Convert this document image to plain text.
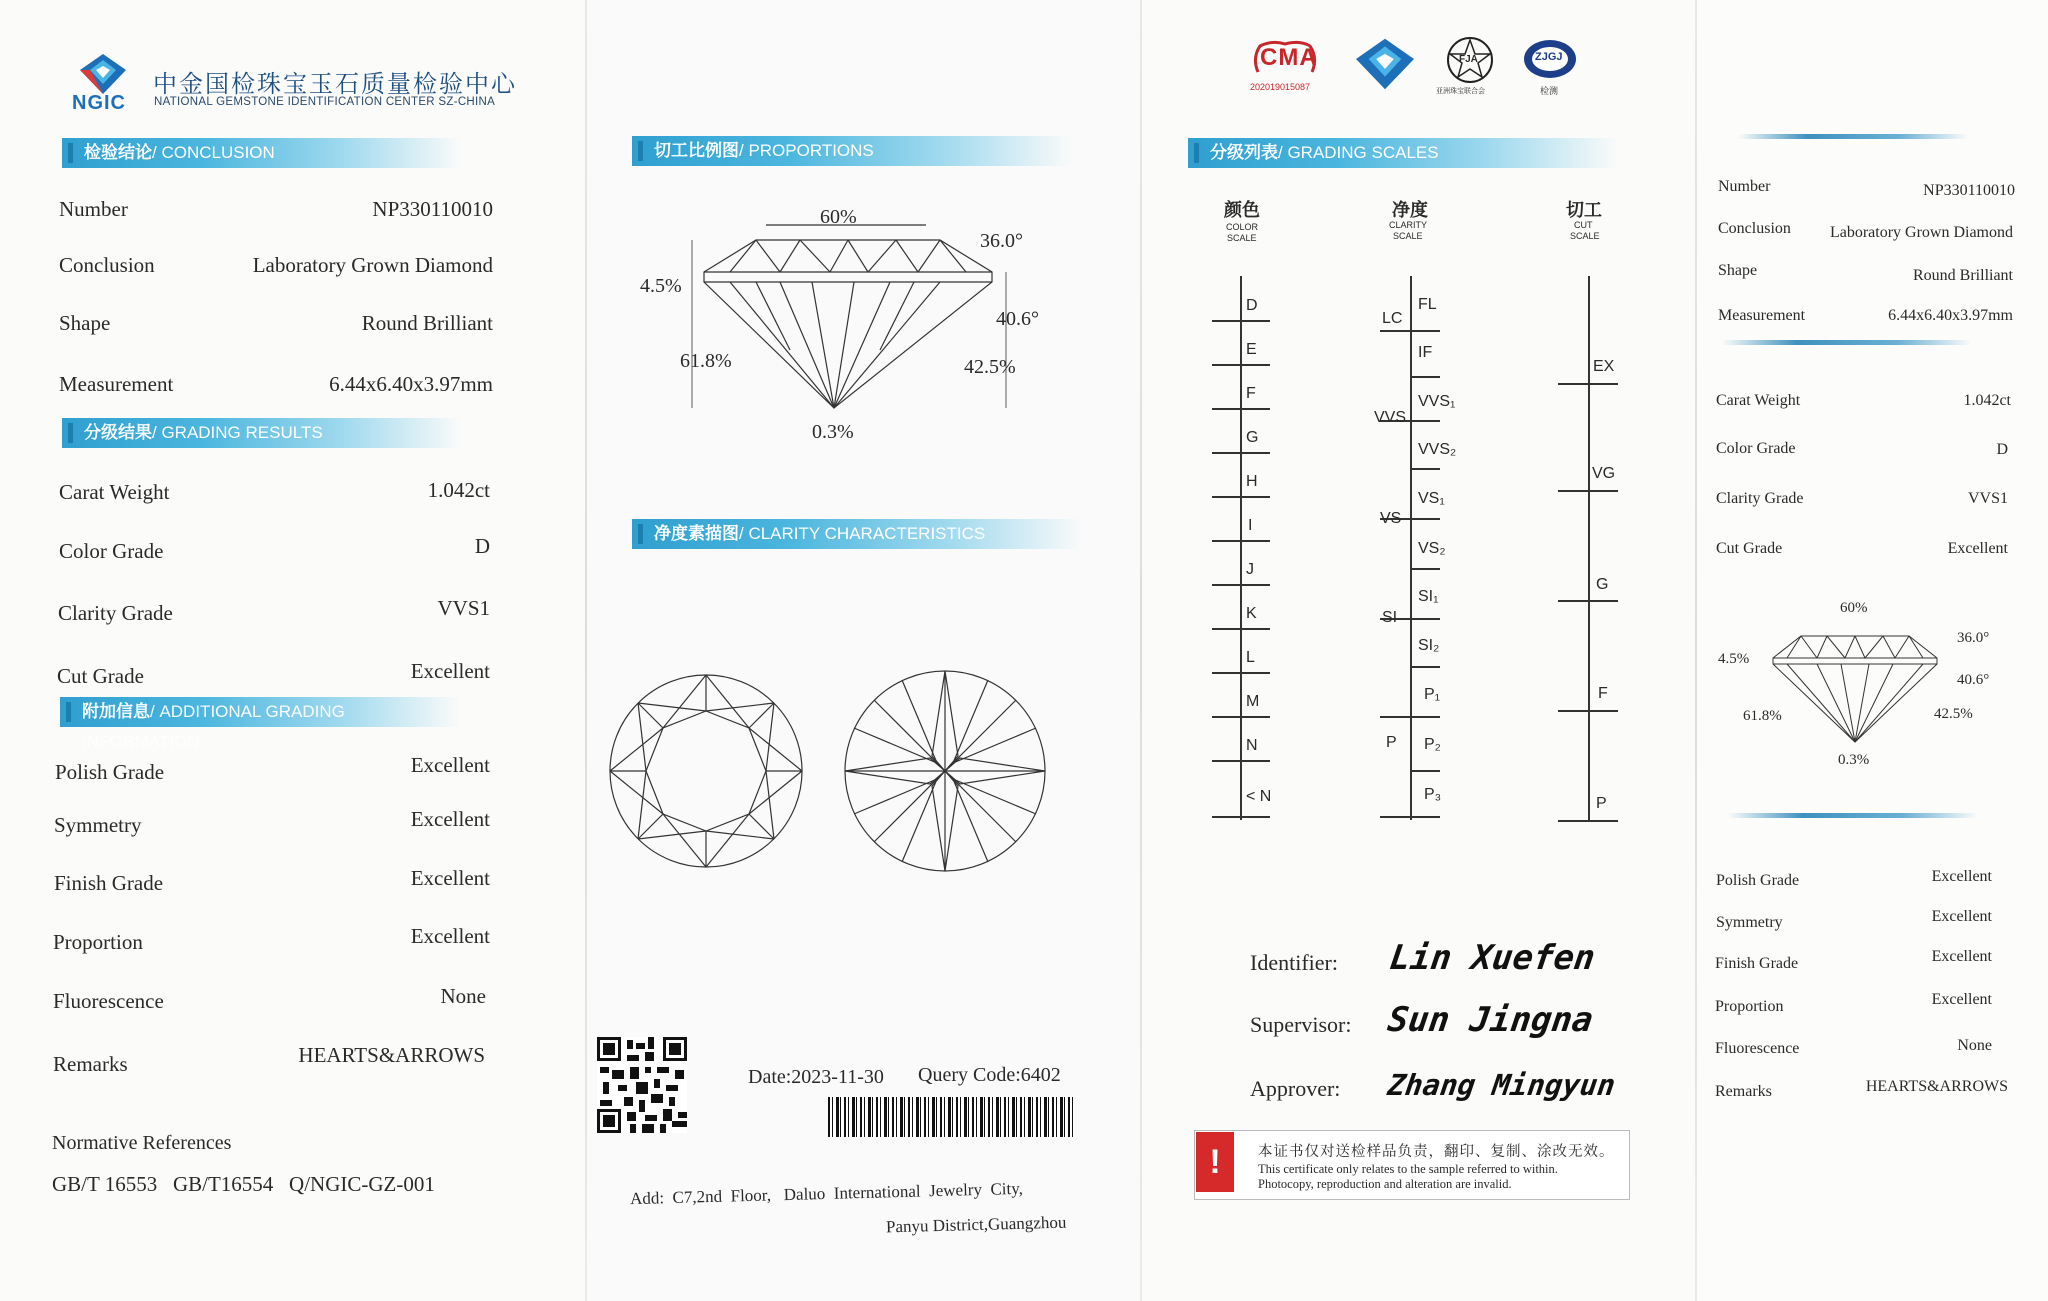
NGIC
中金国检珠宝玉石质量检验中心
NATIONAL GEMSTONE IDENTIFICATION CENTER SZ-CHINA
检验结论/ CONCLUSION
Number	NP330110010
Conclusion	Laboratory Grown Diamond
Shape	Round Brilliant
Measurement	6.44x6.40x3.97mm
分级结果/ GRADING RESULTS
Carat Weight	1.042ct
Color Grade	D
Clarity Grade	VVS1
Cut Grade	Excellent
附加信息/ ADDITIONAL GRADING INFORMATION
Polish Grade	Excellent
Symmetry	Excellent
Finish Grade	Excellent
Proportion	Excellent
Fluorescence	None
Remarks	HEARTS&ARROWS
Normative References
GB/T 16553   GB/T16554   Q/NGIC-GZ-001
切工比例图/ PROPORTIONS
60%
36.0°
4.5%
40.6°
61.8%	42.5%
0.3%
净度素描图/ CLARITY CHARACTERISTICS
Date:2023-11-30 Query Code:6402
Add:  C7,2nd  Floor,   Daluo  International  Jewelry  City,
Panyu District,Guangzhou
CMA
202019015087
FJA
亚洲珠宝联合会
ZJGJ
检测
分级列表/ GRADING SCALES
颜色
COLOR
SCALE
净度
CLARITY
SCALE
切工
CUT
SCALE
D
E
F
G
H
I
J
K
L
M
N
< N
LC
VVS
VS
SI
P
FL
IF
VVS₁
VVS₂
VS₁
VS₂
SI₁
SI₂
P₁
P₂
P₃
EX
VG
G
F
P
Identifier: Lin Xuefen
Supervisor: Sun Jingna
Approver: Zhang Mingyun
!	本证书仅对送检样品负责，翻印、复制、涂改无效。
This certificate only relates to the sample referred to within.
Photocopy, reproduction and alteration are invalid.
Number	NP330110010
Conclusion Laboratory Grown Diamond
Shape	Round Brilliant
Measurement	6.44x6.40x3.97mm
Carat Weight	1.042ct
Color Grade	D
Clarity Grade	VVS1
Cut Grade	Excellent
60%
36.0°
4.5%
40.6°
61.8%	42.5%
0.3%
Polish Grade	Excellent
Symmetry	Excellent
Finish Grade	Excellent
Proportion	Excellent
Fluorescence	None
Remarks	HEARTS&ARROWS
